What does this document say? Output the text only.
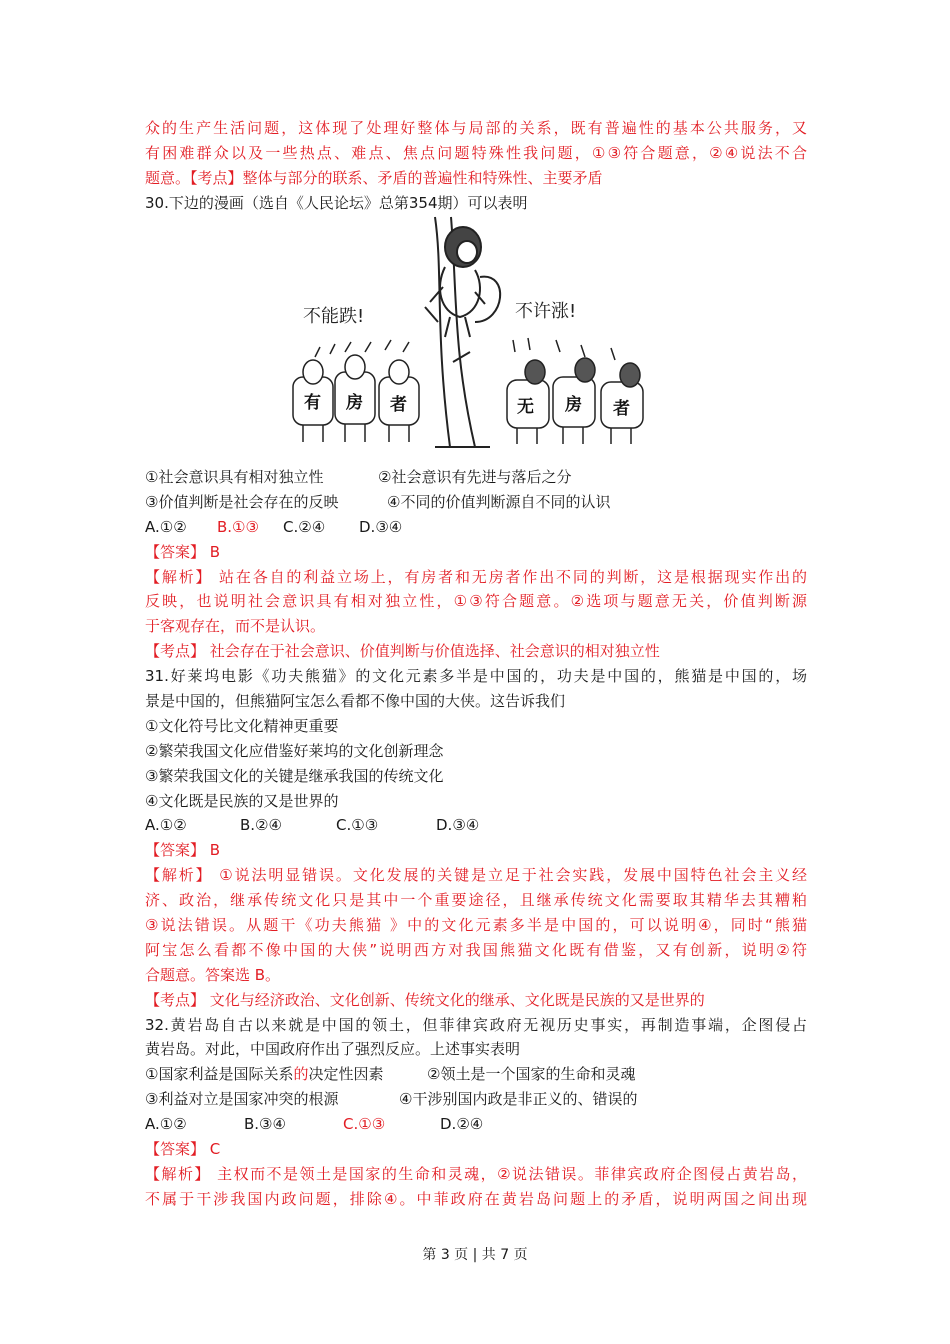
众的生产生活问题，这体现了处理好整体与局部的关系，既有普遍性的基本公共服务，又
有困难群众以及一些热点、难点、焦点问题特殊性我问题，①③符合题意，②④说法不合
题意。【考点】整体与部分的联系、矛盾的普遍性和特殊性、主要矛盾
30.下边的漫画（选自《人民论坛》总第354期）可以表明
不能跌!	不许涨!
有 房 者	无 房 者
①社会意识具有相对独立性	②社会意识有先进与落后之分
③价值判断是社会存在的反映	④不同的价值判断源自不同的认识
A.①② B.①③ C.②④ D.③④
【答案】 B
【解析】 站在各自的利益立场上，有房者和无房者作出不同的判断，这是根据现实作出的
反映，也说明社会意识具有相对独立性，①③符合题意。②选项与题意无关，价值判断源
于客观存在，而不是认识。
【考点】 社会存在于社会意识、价值判断与价值选择、社会意识的相对独立性
31.好莱坞电影《功夫熊猫》的文化元素多半是中国的，功夫是中国的，熊猫是中国的，场
景是中国的，但熊猫阿宝怎么看都不像中国的大侠。这告诉我们
①文化符号比文化精神更重要
②繁荣我国文化应借鉴好莱坞的文化创新理念
③繁荣我国文化的关键是继承我国的传统文化
④文化既是民族的又是世界的
A.①②	B.②④	C.①③	D.③④
【答案】 B
【解析】 ①说法明显错误。文化发展的关键是立足于社会实践，发展中国特色社会主义经
济、政治，继承传统文化只是其中一个重要途径，且继承传统文化需要取其精华去其糟粕
③说法错误。从题干《功夫熊猫 》中的文化元素多半是中国的，可以说明④，同时“熊猫
阿宝怎么看都不像中国的大侠”说明西方对我国熊猫文化既有借鉴，又有创新，说明②符
合题意。答案选 B。
【考点】 文化与经济政治、文化创新、传统文化的继承、文化既是民族的又是世界的
32.黄岩岛自古以来就是中国的领土，但菲律宾政府无视历史事实，再制造事端，企图侵占
黄岩岛。对此，中国政府作出了强烈反应。上述事实表明
①国家利益是国际关系的决定性因素	②领土是一个国家的生命和灵魂
③利益对立是国家冲突的根源	④干涉别国内政是非正义的、错误的
A.①②	B.③④	C.①③	D.②④
【答案】 C
【解析】 主权而不是领土是国家的生命和灵魂，②说法错误。菲律宾政府企图侵占黄岩岛，
不属于干涉我国内政问题，排除④。中菲政府在黄岩岛问题上的矛盾，说明两国之间出现
第 3 页 | 共 7 页
